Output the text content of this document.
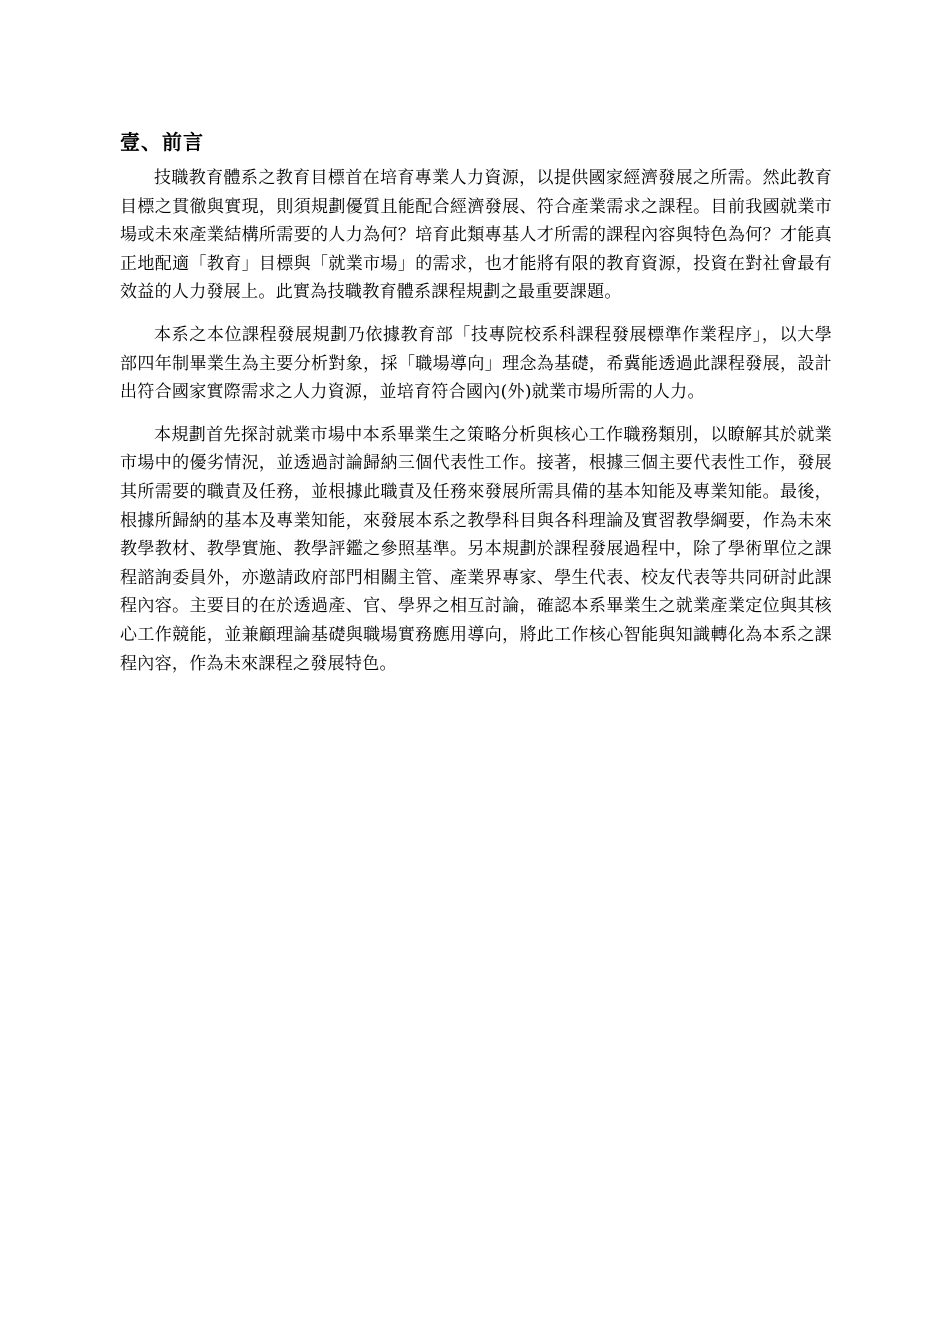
壹、前言

技職教育體系之教育目標首在培育專業人力資源，以提供國家經濟發展之所需。然此教育目標之貫徹與實現，則須規劃優質且能配合經濟發展、符合產業需求之課程。目前我國就業市場或未來產業結構所需要的人力為何？培育此類專基人才所需的課程內容與特色為何？才能真正地配適「教育」目標與「就業市場」的需求，也才能將有限的教育資源，投資在對社會最有效益的人力發展上。此實為技職教育體系課程規劃之最重要課題。

本系之本位課程發展規劃乃依據教育部「技專院校系科課程發展標準作業程序」，以大學部四年制畢業生為主要分析對象，採「職場導向」理念為基礎，希冀能透過此課程發展，設計出符合國家實際需求之人力資源，並培育符合國內(外)就業市場所需的人力。

本規劃首先探討就業市場中本系畢業生之策略分析與核心工作職務類別，以瞭解其於就業市場中的優劣情況，並透過討論歸納三個代表性工作。接著，根據三個主要代表性工作，發展其所需要的職責及任務，並根據此職責及任務來發展所需具備的基本知能及專業知能。最後，根據所歸納的基本及專業知能，來發展本系之教學科目與各科理論及實習教學綱要，作為未來教學教材、教學實施、教學評鑑之參照基準。另本規劃於課程發展過程中，除了學術單位之課程諮詢委員外，亦邀請政府部門相關主管、產業界專家、學生代表、校友代表等共同研討此課程內容。主要目的在於透過產、官、學界之相互討論，確認本系畢業生之就業產業定位與其核心工作競能，並兼顧理論基礎與職場實務應用導向，將此工作核心智能與知識轉化為本系之課程內容，作為未來課程之發展特色。
